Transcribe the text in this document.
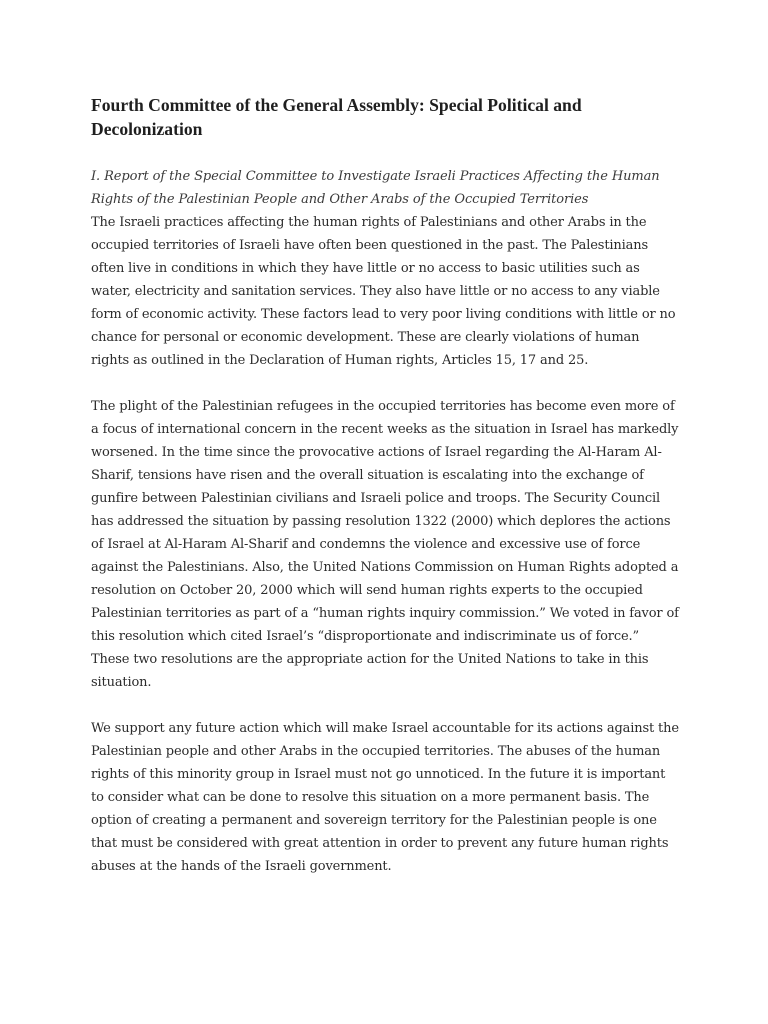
Fourth Committee of the General Assembly: Special Political and Decolonization
I. Report of the Special Committee to Investigate Israeli Practices Affecting the Human Rights of the Palestinian People and Other Arabs of the Occupied Territories

The Israeli practices affecting the human rights of Palestinians and other Arabs in the occupied territories of Israeli have often been questioned in the past. The Palestinians often live in conditions in which they have little or no access to basic utilities such as water, electricity and sanitation services. They also have little or no access to any viable form of economic activity. These factors lead to very poor living conditions with little or no chance for personal or economic development. These are clearly violations of human rights as outlined in the Declaration of Human rights, Articles 15, 17 and 25.

The plight of the Palestinian refugees in the occupied territories has become even more of a focus of international concern in the recent weeks as the situation in Israel has markedly worsened. In the time since the provocative actions of Israel regarding the Al-Haram Al-Sharif, tensions have risen and the overall situation is escalating into the exchange of gunfire between Palestinian civilians and Israeli police and troops. The Security Council has addressed the situation by passing resolution 1322 (2000) which deplores the actions of Israel at Al-Haram Al-Sharif and condemns the violence and excessive use of force against the Palestinians. Also, the United Nations Commission on Human Rights adopted a resolution on October 20, 2000 which will send human rights experts to the occupied Palestinian territories as part of a “human rights inquiry commission.” We voted in favor of this resolution which cited Israel’s “disproportionate and indiscriminate us of force.” These two resolutions are the appropriate action for the United Nations to take in this situation.

We support any future action which will make Israel accountable for its actions against the Palestinian people and other Arabs in the occupied territories. The abuses of the human rights of this minority group in Israel must not go unnoticed. In the future it is important to consider what can be done to resolve this situation on a more permanent basis. The option of creating a permanent and sovereign territory for the Palestinian people is one that must be considered with great attention in order to prevent any future human rights abuses at the hands of the Israeli government.
